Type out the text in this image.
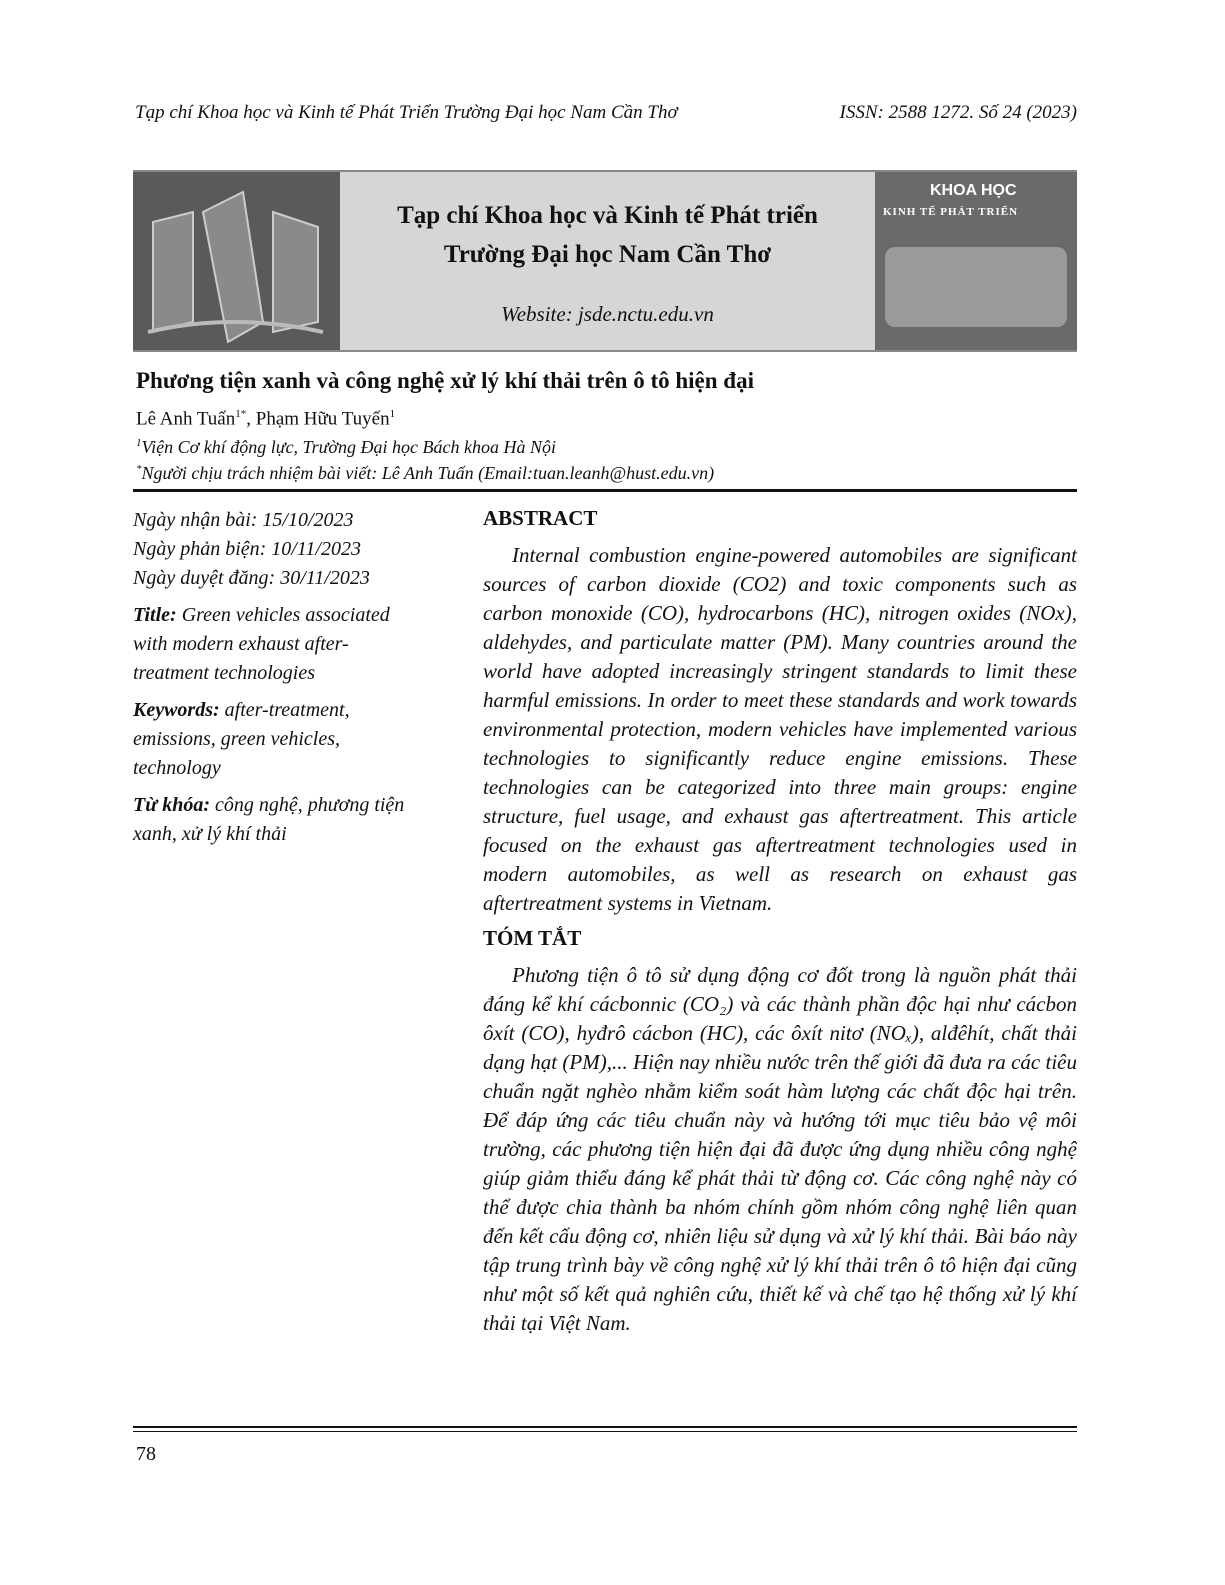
Tạp chí Khoa học và Kinh tế Phát Triển Trường Đại học Nam Cần Thơ	ISSN: 2588 1272. Số 24 (2023)
Tạp chí Khoa học và Kinh tế Phát triển
Trường Đại học Nam Cần Thơ
Website: jsde.nctu.edu.vn
KHOA HỌC
KINH TẾ PHÁT TRIỂN
Phương tiện xanh và công nghệ xử lý khí thải trên ô tô hiện đại
Lê Anh Tuấn$^{1*}$, Phạm Hữu Tuyến$^1$
$^1$Viện Cơ khí động lực, Trường Đại học Bách khoa Hà Nội
*Người chịu trách nhiệm bài viết: Lê Anh Tuấn (Email:tuan.leanh@hust.edu.vn)

Ngày nhận bài: 15/10/2023
Ngày phản biện: 10/11/2023
Ngày duyệt đăng: 30/11/2023

Title: Green vehicles associated with modern exhaust after-treatment technologies

Keywords: after-treatment, emissions, green vehicles, technology

Từ khóa: công nghệ, phương tiện xanh, xử lý khí thải

ABSTRACT

Internal combustion engine-powered automobiles are significant sources of carbon dioxide (CO2) and toxic components such as carbon monoxide (CO), hydrocarbons (HC), nitrogen oxides (NOx), aldehydes, and particulate matter (PM). Many countries around the world have adopted increasingly stringent standards to limit these harmful emissions. In order to meet these standards and work towards environmental protection, modern vehicles have implemented various technologies to significantly reduce engine emissions. These technologies can be categorized into three main groups: engine structure, fuel usage, and exhaust gas aftertreatment. This article focused on the exhaust gas aftertreatment technologies used in modern automobiles, as well as research on exhaust gas aftertreatment systems in Vietnam.

TÓM TẮT

Phương tiện ô tô sử dụng động cơ đốt trong là nguồn phát thải đáng kể khí cácbonnic (CO₂) và các thành phần độc hại như cácbon ôxít (CO), hyđrô cácbon (HC), các ôxít nitơ (NOₓ), alđêhít, chất thải dạng hạt (PM),... Hiện nay nhiều nước trên thế giới đã đưa ra các tiêu chuẩn ngặt nghèo nhằm kiểm soát hàm lượng các chất độc hại trên. Để đáp ứng các tiêu chuẩn này và hướng tới mục tiêu bảo vệ môi trường, các phương tiện hiện đại đã được ứng dụng nhiều công nghệ giúp giảm thiểu đáng kể phát thải từ động cơ. Các công nghệ này có thể được chia thành ba nhóm chính gồm nhóm công nghệ liên quan đến kết cấu động cơ, nhiên liệu sử dụng và xử lý khí thải. Bài báo này tập trung trình bày về công nghệ xử lý khí thải trên ô tô hiện đại cũng như một số kết quả nghiên cứu, thiết kế và chế tạo hệ thống xử lý khí thải tại Việt Nam.

78
